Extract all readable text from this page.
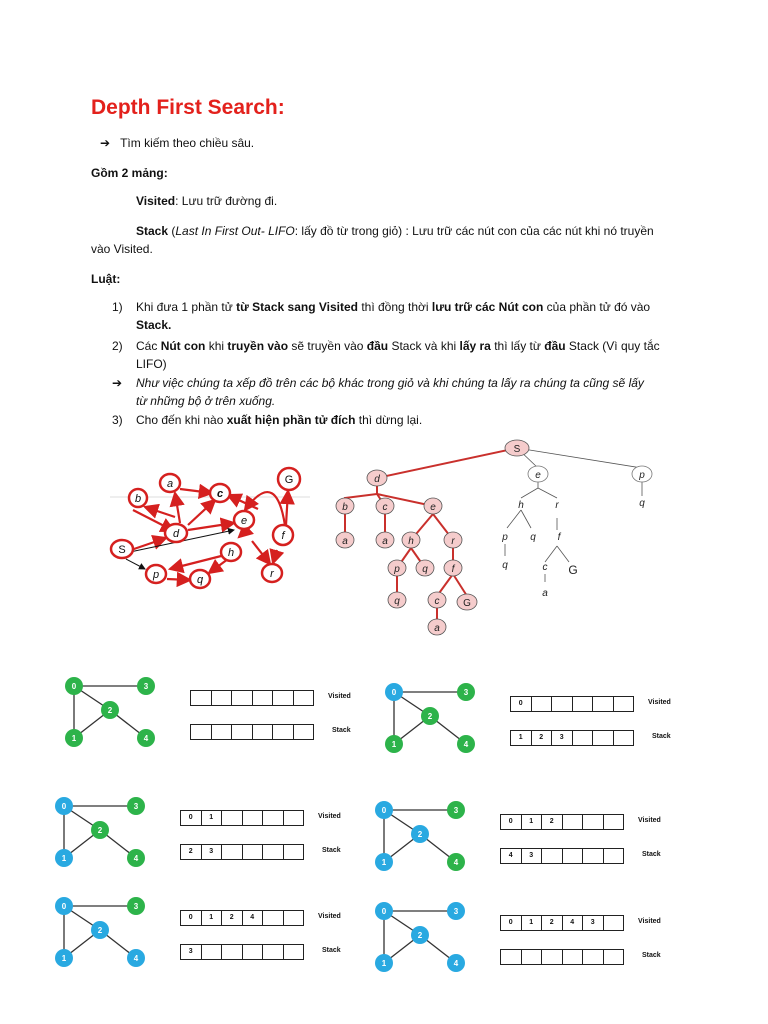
Depth First Search:
➔ Tìm kiếm theo chiều sâu.
Gồm 2 mảng:
Visited: Lưu trữ đường đi.
Stack (Last In First Out- LIFO: lấy đồ từ trong giỏ) : Lưu trữ các nút con của các nút khi nó truyền
vào Visited.
Luật:
1) Khi đưa 1 phần tử từ Stack sang Visited thì đồng thời lưu trữ các Nút con của phần tử đó vào
Stack.
2) Các Nút con khi truyền vào sẽ truyền vào đầu Stack và khi lấy ra thì lấy từ đầu Stack (Vì quy tắc
LIFO)
➔ Như việc chúng ta xếp đồ trên các bộ khác trong giỏ và khi chúng ta lấy ra chúng ta cũng sẽ lấy
từ những bộ ở trên xuống.
3) Cho đến khi nào xuất hiện phần tử đích thì dừng lại.
S
a
b	c
d
e
h
p	q	r
f
G
S
d	e	p
b	c	e	h	r	q
a	a h	r	p q f
p q f	q	c G
q	c G
a
a
0
1
2
3
4
Visited
Stack
0
1
2
3
4
0
1	2	3
Visited
Stack
0
1
2
3
4
0	1
2	3
Visited
Stack
0
1
2
3
4
0	1	2
4	3
Visited
Stack
0
1
2
3
4
0	1	2	4
3
Visited
Stack
0
1
2
3
4
0	1	2	4	3	Visited
Stack
